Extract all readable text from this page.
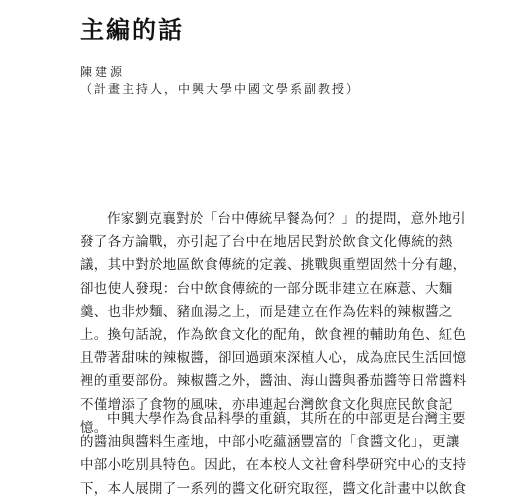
主編的話
陳建源
（計畫主持人，中興大學中國文學系副教授）

作家劉克襄對於「台中傳統早餐為何？」的提問，意外地引
發了各方論戰，亦引起了台中在地居民對於飲食文化傳統的熱
議，其中對於地區飲食傳統的定義、挑戰與重塑固然十分有趣，
卻也使人發現：台中飲食傳統的一部分既非建立在麻薏、大麵
羹、也非炒麵、豬血湯之上，而是建立在作為佐料的辣椒醬之
上。換句話說，作為飲食文化的配角，飲食裡的輔助角色、紅色
且帶著甜味的辣椒醬，卻回過頭來深植人心，成為庶民生活回憶
裡的重要部份。辣椒醬之外，醬油、海山醬與番茄醬等日常醬料
不僅增添了食物的風味，亦串連起台灣飲食文化與庶民飲食記
憶。

中興大學作為食品科學的重鎮，其所在的中部更是台灣主要
的醬油與醬料生產地，中部小吃蘊涵豐富的「食醬文化」，更讓
中部小吃別具特色。因此，在本校人文社會科學研究中心的支持
下，本人展開了一系列的醬文化研究取徑，醬文化計畫中以飲食
